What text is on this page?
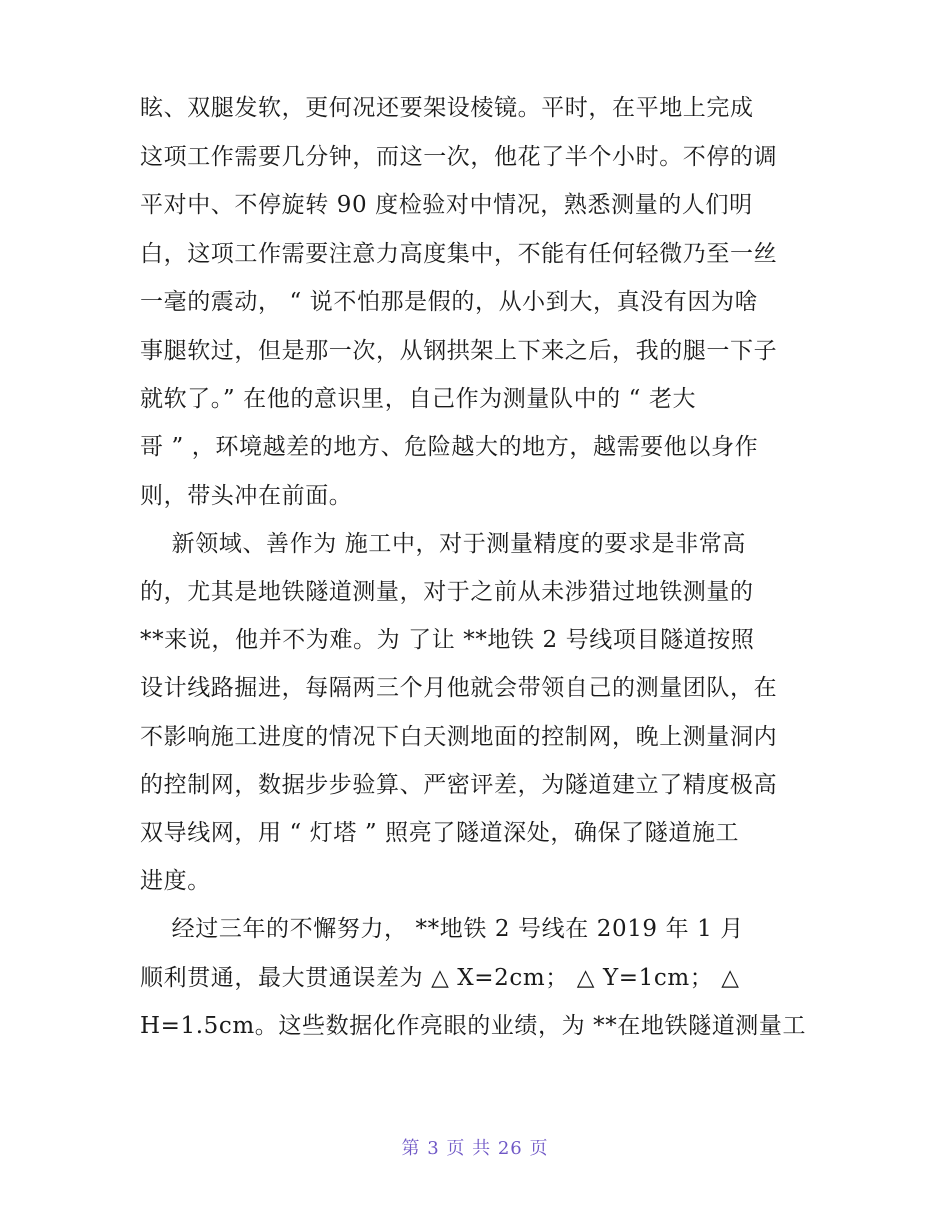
眩、双腿发软，更何况还要架设棱镜。平时，在平地上完成
这项工作需要几分钟，而这一次，他花了半个小时。不停的调
平对中、不停旋转 90 度检验对中情况，熟悉测量的人们明
白，这项工作需要注意力高度集中，不能有任何轻微乃至一丝
一毫的震动， “ 说不怕那是假的，从小到大，真没有因为啥
事腿软过，但是那一次，从钢拱架上下来之后，我的腿一下子
就软了。” 在他的意识里，自己作为测量队中的 “ 老大
哥 ” ，环境越差的地方、危险越大的地方，越需要他以身作
则，带头冲在前面。
新领域、善作为 施工中，对于测量精度的要求是非常高
的，尤其是地铁隧道测量，对于之前从未涉猎过地铁测量的
**来说，他并不为难。为 了让 **地铁 2 号线项目隧道按照
设计线路掘进，每隔两三个月他就会带领自己的测量团队，在
不影响施工进度的情况下白天测地面的控制网，晚上测量洞内
的控制网，数据步步验算、严密评差，为隧道建立了精度极高
双导线网，用 “ 灯塔 ” 照亮了隧道深处，确保了隧道施工
进度。
经过三年的不懈努力， **地铁 2 号线在 2019 年 1 月
顺利贯通，最大贯通误差为 △ X=2cm； △ Y=1cm； △
H=1.5cm。这些数据化作亮眼的业绩，为 **在地铁隧道测量工
第 3 页 共 26 页
